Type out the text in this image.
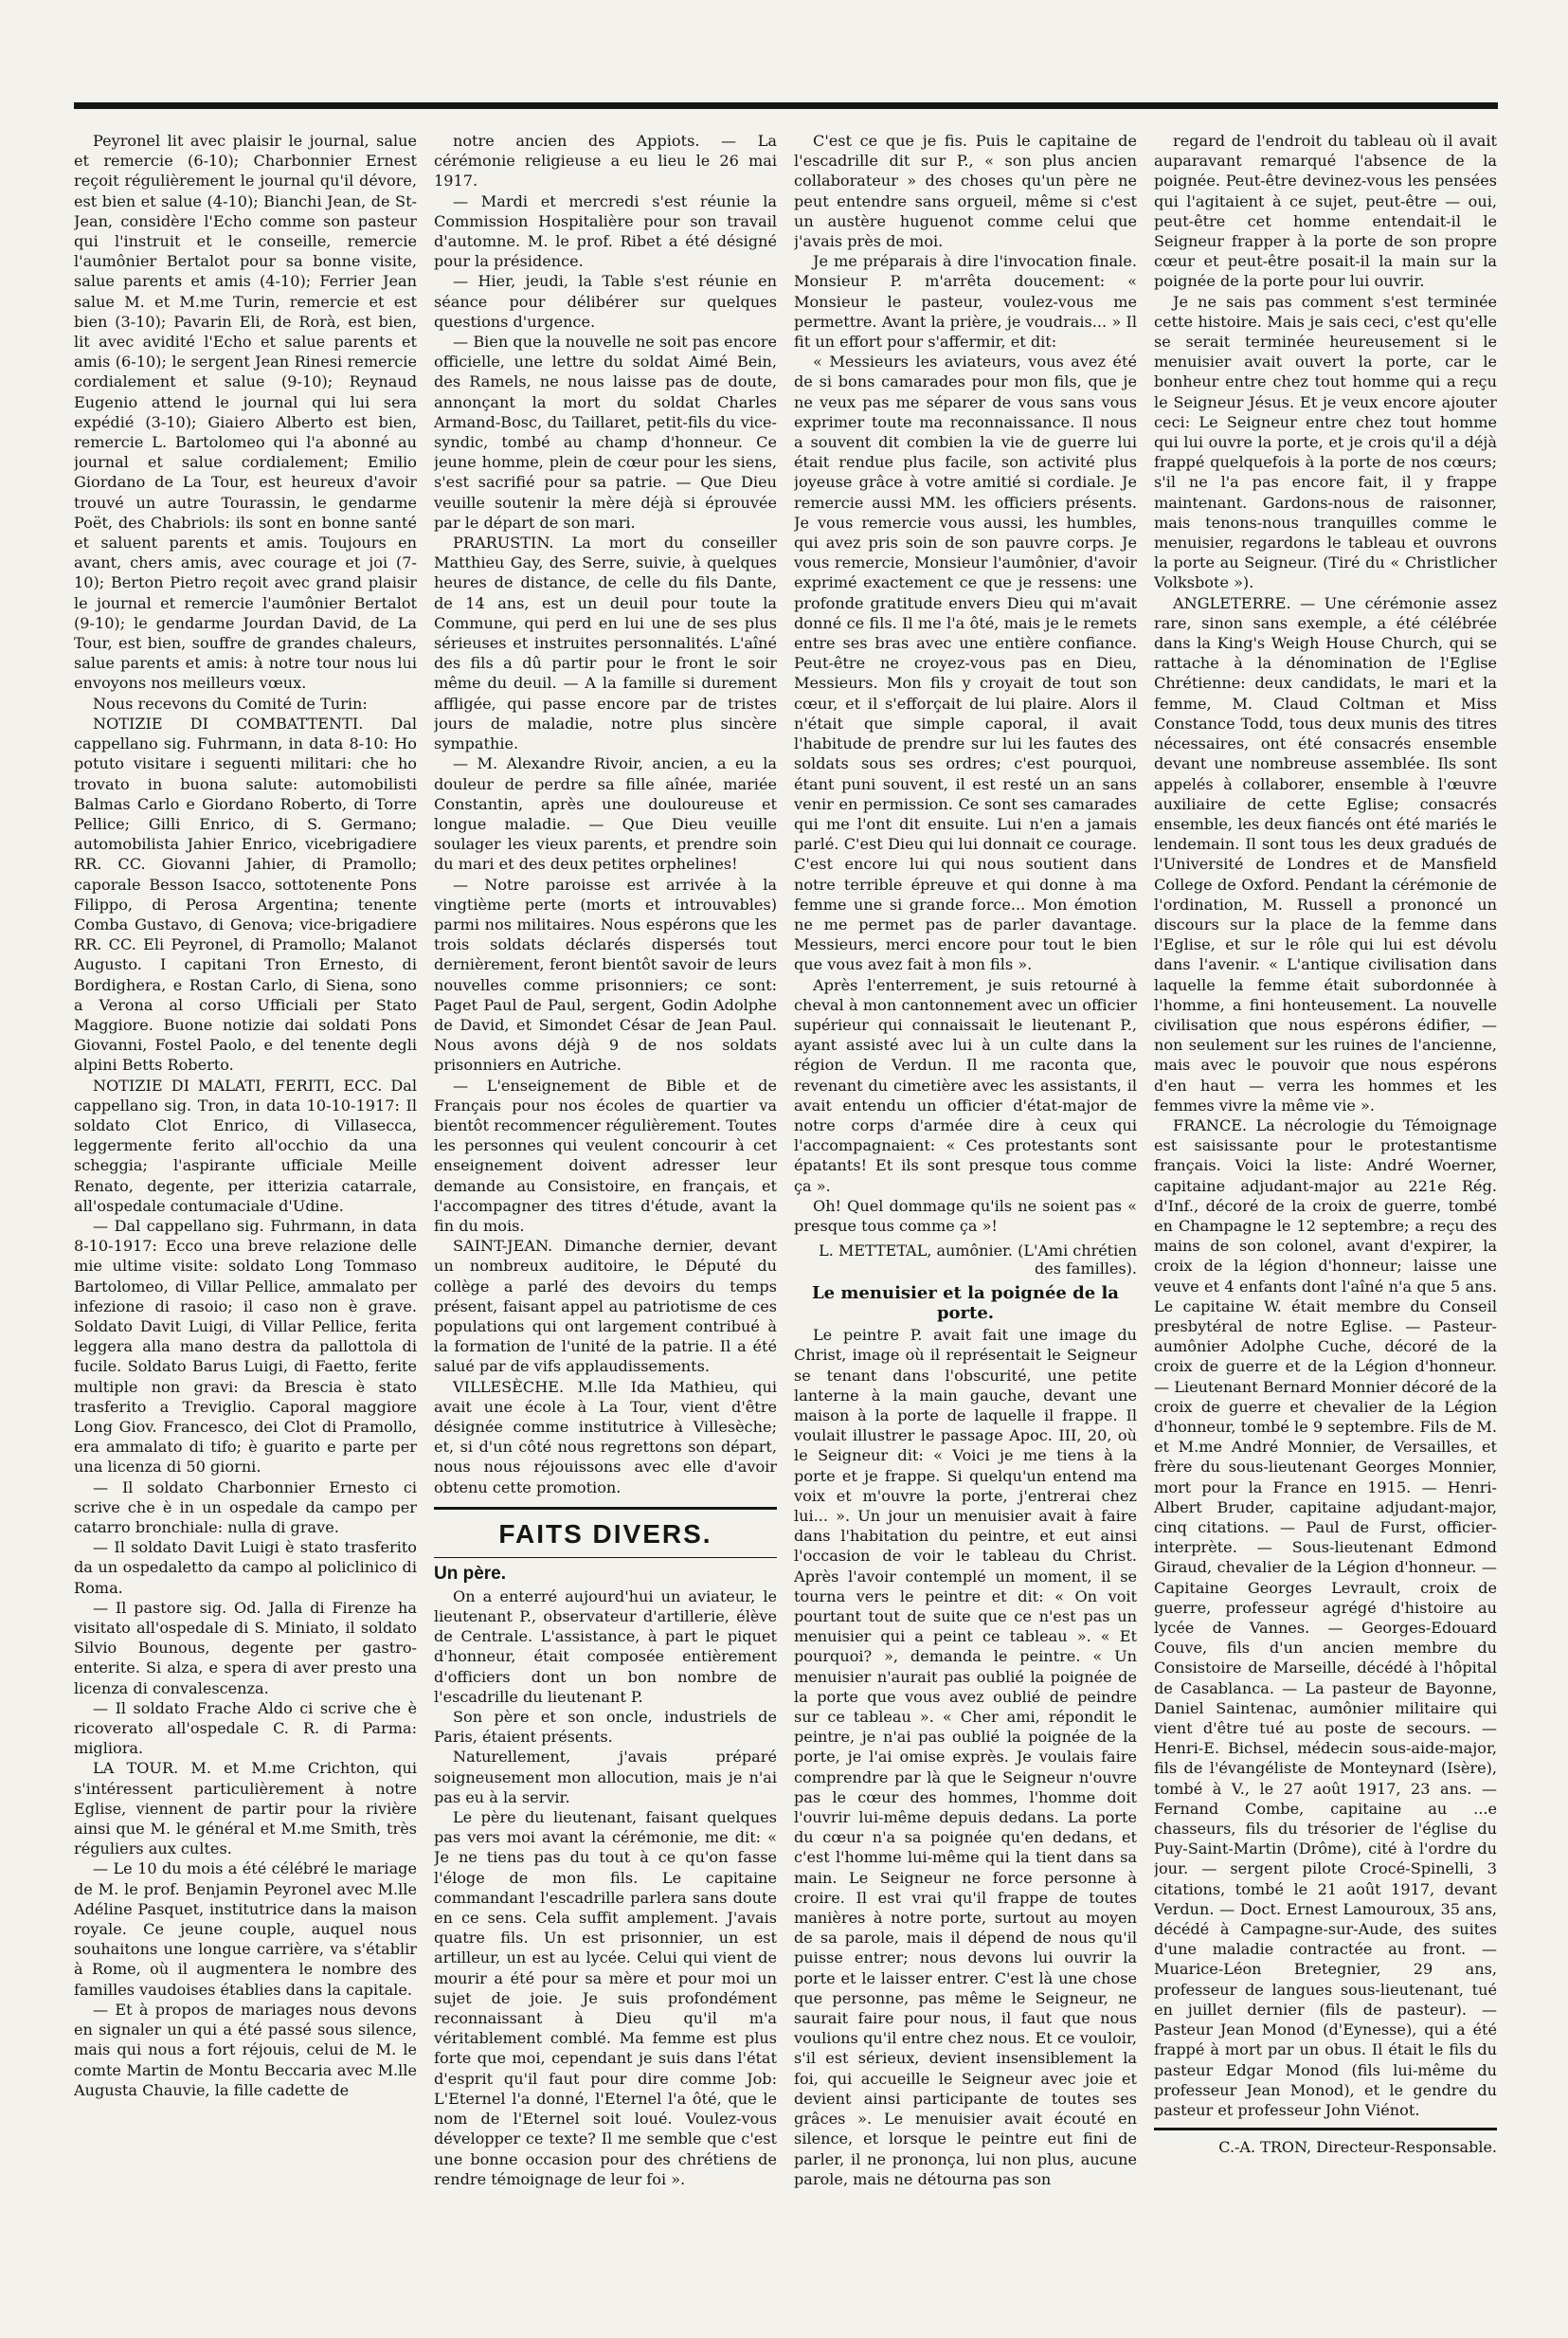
Peyronel lit avec plaisir le journal, salue et remercie (6-10); Charbonnier Ernest reçoit régulièrement le journal qu'il dévore, est bien et salue (4-10); Bianchi Jean, de St-Jean, considère l'Echo comme son pasteur qui l'instruit et le conseille, remercie l'aumônier Bertalot pour sa bonne visite, salue parents et amis (4-10); Ferrier Jean salue M. et M.me Turin, remercie et est bien (3-10); Pavarin Eli, de Rorà, est bien, lit avec avidité l'Echo et salue parents et amis (6-10); le sergent Jean Rinesi remercie cordialement et salue (9-10); Reynaud Eugenio attend le journal qui lui sera expédié (3-10); Giaiero Alberto est bien, remercie L. Bartolomeo qui l'a abonné au journal et salue cordialement; Emilio Giordano de La Tour, est heureux d'avoir trouvé un autre Tourassin, le gendarme Poët, des Chabriols: ils sont en bonne santé et saluent parents et amis. Toujours en avant, chers amis, avec courage et joi (7-10); Berton Pietro reçoit avec grand plaisir le journal et remercie l'aumônier Bertalot (9-10); le gendarme Jourdan David, de La Tour, est bien, souffre de grandes chaleurs, salue parents et amis: à notre tour nous lui envoyons nos meilleurs vœux.

Nous recevons du Comité de Turin:

NOTIZIE DI COMBATTENTI. Dal cappellano sig. Fuhrmann, in data 8-10: Ho potuto visitare i seguenti militari: che ho trovato in buona salute: automobilisti Balmas Carlo e Giordano Roberto, di Torre Pellice; Gilli Enrico, di S. Germano; automobilista Jahier Enrico, vicebrigadiere RR. CC. Giovanni Jahier, di Pramollo; caporale Besson Isacco, sottotenente Pons Filippo, di Perosa Argentina; tenente Comba Gustavo, di Genova; vice-brigadiere RR. CC. Eli Peyronel, di Pramollo; Malanot Augusto. I capitani Tron Ernesto, di Bordighera, e Rostan Carlo, di Siena, sono a Verona al corso Ufficiali per Stato Maggiore. Buone notizie dai soldati Pons Giovanni, Fostel Paolo, e del tenente degli alpini Betts Roberto.

NOTIZIE DI MALATI, FERITI, ECC. Dal cappellano sig. Tron, in data 10-10-1917: Il soldato Clot Enrico, di Villasecca, leggermente ferito all'occhio da una scheggia; l'aspirante ufficiale Meille Renato, degente, per itterizia catarrale, all'ospedale contumaciale d'Udine.

— Dal cappellano sig. Fuhrmann, in data 8-10-1917: Ecco una breve relazione delle mie ultime visite: soldato Long Tommaso Bartolomeo, di Villar Pellice, ammalato per infezione di rasoio; il caso non è grave. Soldato Davit Luigi, di Villar Pellice, ferita leggera alla mano destra da pallottola di fucile. Soldato Barus Luigi, di Faetto, ferite multiple non gravi: da Brescia è stato trasferito a Treviglio. Caporal maggiore Long Giov. Francesco, dei Clot di Pramollo, era ammalato di tifo; è guarito e parte per una licenza di 50 giorni.

— Il soldato Charbonnier Ernesto ci scrive che è in un ospedale da campo per catarro bronchiale: nulla di grave.

— Il soldato Davit Luigi è stato trasferito da un ospedaletto da campo al policlinico di Roma.

— Il pastore sig. Od. Jalla di Firenze ha visitato all'ospedale di S. Miniato, il soldato Silvio Bounous, degente per gastro-enterite. Si alza, e spera di aver presto una licenza di convalescenza.

— Il soldato Frache Aldo ci scrive che è ricoverato all'ospedale C. R. di Parma: migliora.

LA TOUR. M. et M.me Crichton, qui s'intéressent particulièrement à notre Eglise, viennent de partir pour la rivière ainsi que M. le général et M.me Smith, très réguliers aux cultes.

— Le 10 du mois a été célébré le mariage de M. le prof. Benjamin Peyronel avec M.lle Adéline Pasquet, institutrice dans la maison royale. Ce jeune couple, auquel nous souhaitons une longue carrière, va s'établir à Rome, où il augmentera le nombre des familles vaudoises établies dans la capitale.

— Et à propos de mariages nous devons en signaler un qui a été passé sous silence, mais qui nous a fort réjouis, celui de M. le comte Martin de Montu Beccaria avec M.lle Augusta Chauvie, la fille cadette de

notre ancien des Appiots. — La cérémonie religieuse a eu lieu le 26 mai 1917.

— Mardi et mercredi s'est réunie la Commission Hospitalière pour son travail d'automne. M. le prof. Ribet a été désigné pour la présidence.

— Hier, jeudi, la Table s'est réunie en séance pour délibérer sur quelques questions d'urgence.

— Bien que la nouvelle ne soit pas encore officielle, une lettre du soldat Aimé Bein, des Ramels, ne nous laisse pas de doute, annonçant la mort du soldat Charles Armand-Bosc, du Taillaret, petit-fils du vice-syndic, tombé au champ d'honneur. Ce jeune homme, plein de cœur pour les siens, s'est sacrifié pour sa patrie. — Que Dieu veuille soutenir la mère déjà si éprouvée par le départ de son mari.

PRARUSTIN. La mort du conseiller Matthieu Gay, des Serre, suivie, à quelques heures de distance, de celle du fils Dante, de 14 ans, est un deuil pour toute la Commune, qui perd en lui une de ses plus sérieuses et instruites personnalités. L'aîné des fils a dû partir pour le front le soir même du deuil. — A la famille si durement affligée, qui passe encore par de tristes jours de maladie, notre plus sincère sympathie.

— M. Alexandre Rivoir, ancien, a eu la douleur de perdre sa fille aînée, mariée Constantin, après une douloureuse et longue maladie. — Que Dieu veuille soulager les vieux parents, et prendre soin du mari et des deux petites orphelines!

— Notre paroisse est arrivée à la vingtième perte (morts et introuvables) parmi nos militaires. Nous espérons que les trois soldats déclarés dispersés tout dernièrement, feront bientôt savoir de leurs nouvelles comme prisonniers; ce sont: Paget Paul de Paul, sergent, Godin Adolphe de David, et Simondet César de Jean Paul. Nous avons déjà 9 de nos soldats prisonniers en Autriche.

— L'enseignement de Bible et de Français pour nos écoles de quartier va bientôt recommencer régulièrement. Toutes les personnes qui veulent concourir à cet enseignement doivent adresser leur demande au Consistoire, en français, et l'accompagner des titres d'étude, avant la fin du mois.

SAINT-JEAN. Dimanche dernier, devant un nombreux auditoire, le Député du collège a parlé des devoirs du temps présent, faisant appel au patriotisme de ces populations qui ont largement contribué à la formation de l'unité de la patrie. Il a été salué par de vifs applaudissements.

VILLESÈCHE. M.lle Ida Mathieu, qui avait une école à La Tour, vient d'être désignée comme institutrice à Villesèche; et, si d'un côté nous regrettons son départ, nous nous réjouissons avec elle d'avoir obtenu cette promotion.

FAITS DIVERS.
Un père.

On a enterré aujourd'hui un aviateur, le lieutenant P., observateur d'artillerie, élève de Centrale. L'assistance, à part le piquet d'honneur, était composée entièrement d'officiers dont un bon nombre de l'escadrille du lieutenant P.

Son père et son oncle, industriels de Paris, étaient présents.

Naturellement, j'avais préparé soigneusement mon allocution, mais je n'ai pas eu à la servir.

Le père du lieutenant, faisant quelques pas vers moi avant la cérémonie, me dit: « Je ne tiens pas du tout à ce qu'on fasse l'éloge de mon fils. Le capitaine commandant l'escadrille parlera sans doute en ce sens. Cela suffit amplement. J'avais quatre fils. Un est prisonnier, un est artilleur, un est au lycée. Celui qui vient de mourir a été pour sa mère et pour moi un sujet de joie. Je suis profondément reconnaissant à Dieu qu'il m'a véritablement comblé. Ma femme est plus forte que moi, cependant je suis dans l'état d'esprit qu'il faut pour dire comme Job: L'Eternel l'a donné, l'Eternel l'a ôté, que le nom de l'Eternel soit loué. Voulez-vous développer ce texte? Il me semble que c'est une bonne occasion pour des chrétiens de rendre témoignage de leur foi ».

C'est ce que je fis. Puis le capitaine de l'escadrille dit sur P., « son plus ancien collaborateur » des choses qu'un père ne peut entendre sans orgueil, même si c'est un austère huguenot comme celui que j'avais près de moi.

Je me préparais à dire l'invocation finale. Monsieur P. m'arrêta doucement: « Monsieur le pasteur, voulez-vous me permettre. Avant la prière, je voudrais... » Il fit un effort pour s'affermir, et dit:

« Messieurs les aviateurs, vous avez été de si bons camarades pour mon fils, que je ne veux pas me séparer de vous sans vous exprimer toute ma reconnaissance. Il nous a souvent dit combien la vie de guerre lui était rendue plus facile, son activité plus joyeuse grâce à votre amitié si cordiale. Je remercie aussi MM. les officiers présents. Je vous remercie vous aussi, les humbles, qui avez pris soin de son pauvre corps. Je vous remercie, Monsieur l'aumônier, d'avoir exprimé exactement ce que je ressens: une profonde gratitude envers Dieu qui m'avait donné ce fils. Il me l'a ôté, mais je le remets entre ses bras avec une entière confiance. Peut-être ne croyez-vous pas en Dieu, Messieurs. Mon fils y croyait de tout son cœur, et il s'efforçait de lui plaire. Alors il n'était que simple caporal, il avait l'habitude de prendre sur lui les fautes des soldats sous ses ordres; c'est pourquoi, étant puni souvent, il est resté un an sans venir en permission. Ce sont ses camarades qui me l'ont dit ensuite. Lui n'en a jamais parlé. C'est Dieu qui lui donnait ce courage. C'est encore lui qui nous soutient dans notre terrible épreuve et qui donne à ma femme une si grande force... Mon émotion ne me permet pas de parler davantage. Messieurs, merci encore pour tout le bien que vous avez fait à mon fils ».

Après l'enterrement, je suis retourné à cheval à mon cantonnement avec un officier supérieur qui connaissait le lieutenant P., ayant assisté avec lui à un culte dans la région de Verdun. Il me raconta que, revenant du cimetière avec les assistants, il avait entendu un officier d'état-major de notre corps d'armée dire à ceux qui l'accompagnaient: « Ces protestants sont épatants! Et ils sont presque tous comme ça ».

Oh! Quel dommage qu'ils ne soient pas « presque tous comme ça »!

L. METTETAL, aumônier. (L'Ami chrétien des familles).
Le menuisier et la poignée de la porte.

Le peintre P. avait fait une image du Christ, image où il représentait le Seigneur se tenant dans l'obscurité, une petite lanterne à la main gauche, devant une maison à la porte de laquelle il frappe. Il voulait illustrer le passage Apoc. III, 20, où le Seigneur dit: « Voici je me tiens à la porte et je frappe. Si quelqu'un entend ma voix et m'ouvre la porte, j'entrerai chez lui... ». Un jour un menuisier avait à faire dans l'habitation du peintre, et eut ainsi l'occasion de voir le tableau du Christ. Après l'avoir contemplé un moment, il se tourna vers le peintre et dit: « On voit pourtant tout de suite que ce n'est pas un menuisier qui a peint ce tableau ». « Et pourquoi? », demanda le peintre. « Un menuisier n'aurait pas oublié la poignée de la porte que vous avez oublié de peindre sur ce tableau ». « Cher ami, répondit le peintre, je n'ai pas oublié la poignée de la porte, je l'ai omise exprès. Je voulais faire comprendre par là que le Seigneur n'ouvre pas le cœur des hommes, l'homme doit l'ouvrir lui-même depuis dedans. La porte du cœur n'a sa poignée qu'en dedans, et c'est l'homme lui-même qui la tient dans sa main. Le Seigneur ne force personne à croire. Il est vrai qu'il frappe de toutes manières à notre porte, surtout au moyen de sa parole, mais il dépend de nous qu'il puisse entrer; nous devons lui ouvrir la porte et le laisser entrer. C'est là une chose que personne, pas même le Seigneur, ne saurait faire pour nous, il faut que nous voulions qu'il entre chez nous. Et ce vouloir, s'il est sérieux, devient insensiblement la foi, qui accueille le Seigneur avec joie et devient ainsi participante de toutes ses grâces ». Le menuisier avait écouté en silence, et lorsque le peintre eut fini de parler, il ne prononça, lui non plus, aucune parole, mais ne détourna pas son

regard de l'endroit du tableau où il avait auparavant remarqué l'absence de la poignée. Peut-être devinez-vous les pensées qui l'agitaient à ce sujet, peut-être — oui, peut-être cet homme entendait-il le Seigneur frapper à la porte de son propre cœur et peut-être posait-il la main sur la poignée de la porte pour lui ouvrir.

Je ne sais pas comment s'est terminée cette histoire. Mais je sais ceci, c'est qu'elle se serait terminée heureusement si le menuisier avait ouvert la porte, car le bonheur entre chez tout homme qui a reçu le Seigneur Jésus. Et je veux encore ajouter ceci: Le Seigneur entre chez tout homme qui lui ouvre la porte, et je crois qu'il a déjà frappé quelquefois à la porte de nos cœurs; s'il ne l'a pas encore fait, il y frappe maintenant. Gardons-nous de raisonner, mais tenons-nous tranquilles comme le menuisier, regardons le tableau et ouvrons la porte au Seigneur. (Tiré du « Christlicher Volksbote »).

ANGLETERRE. — Une cérémonie assez rare, sinon sans exemple, a été célébrée dans la King's Weigh House Church, qui se rattache à la dénomination de l'Eglise Chrétienne: deux candidats, le mari et la femme, M. Claud Coltman et Miss Constance Todd, tous deux munis des titres nécessaires, ont été consacrés ensemble devant une nombreuse assemblée. Ils sont appelés à collaborer, ensemble à l'œuvre auxiliaire de cette Eglise; consacrés ensemble, les deux fiancés ont été mariés le lendemain. Il sont tous les deux gradués de l'Université de Londres et de Mansfield College de Oxford. Pendant la cérémonie de l'ordination, M. Russell a prononcé un discours sur la place de la femme dans l'Eglise, et sur le rôle qui lui est dévolu dans l'avenir. « L'antique civilisation dans laquelle la femme était subordonnée à l'homme, a fini honteusement. La nouvelle civilisation que nous espérons édifier, — non seulement sur les ruines de l'ancienne, mais avec le pouvoir que nous espérons d'en haut — verra les hommes et les femmes vivre la même vie ».

FRANCE. La nécrologie du Témoignage est saisissante pour le protestantisme français. Voici la liste: André Woerner, capitaine adjudant-major au 221e Rég. d'Inf., décoré de la croix de guerre, tombé en Champagne le 12 septembre; a reçu des mains de son colonel, avant d'expirer, la croix de la légion d'honneur; laisse une veuve et 4 enfants dont l'aîné n'a que 5 ans. Le capitaine W. était membre du Conseil presbytéral de notre Eglise. — Pasteur-aumônier Adolphe Cuche, décoré de la croix de guerre et de la Légion d'honneur. — Lieutenant Bernard Monnier décoré de la croix de guerre et chevalier de la Légion d'honneur, tombé le 9 septembre. Fils de M. et M.me André Monnier, de Versailles, et frère du sous-lieutenant Georges Monnier, mort pour la France en 1915. — Henri-Albert Bruder, capitaine adjudant-major, cinq citations. — Paul de Furst, officier-interprète. — Sous-lieutenant Edmond Giraud, chevalier de la Légion d'honneur. — Capitaine Georges Levrault, croix de guerre, professeur agrégé d'histoire au lycée de Vannes. — Georges-Edouard Couve, fils d'un ancien membre du Consistoire de Marseille, décédé à l'hôpital de Casablanca. — La pasteur de Bayonne, Daniel Saintenac, aumônier militaire qui vient d'être tué au poste de secours. — Henri-E. Bichsel, médecin sous-aide-major, fils de l'évangéliste de Monteynard (Isère), tombé à V., le 27 août 1917, 23 ans. — Fernand Combe, capitaine au ...e chasseurs, fils du trésorier de l'église du Puy-Saint-Martin (Drôme), cité à l'ordre du jour. — sergent pilote Crocé-Spinelli, 3 citations, tombé le 21 août 1917, devant Verdun. — Doct. Ernest Lamouroux, 35 ans, décédé à Campagne-sur-Aude, des suites d'une maladie contractée au front. — Muarice-Léon Bretegnier, 29 ans, professeur de langues sous-lieutenant, tué en juillet dernier (fils de pasteur). — Pasteur Jean Monod (d'Eynesse), qui a été frappé à mort par un obus. Il était le fils du pasteur Edgar Monod (fils lui-même du professeur Jean Monod), et le gendre du pasteur et professeur John Viénot.

C.-A. TRON, Directeur-Responsable.
